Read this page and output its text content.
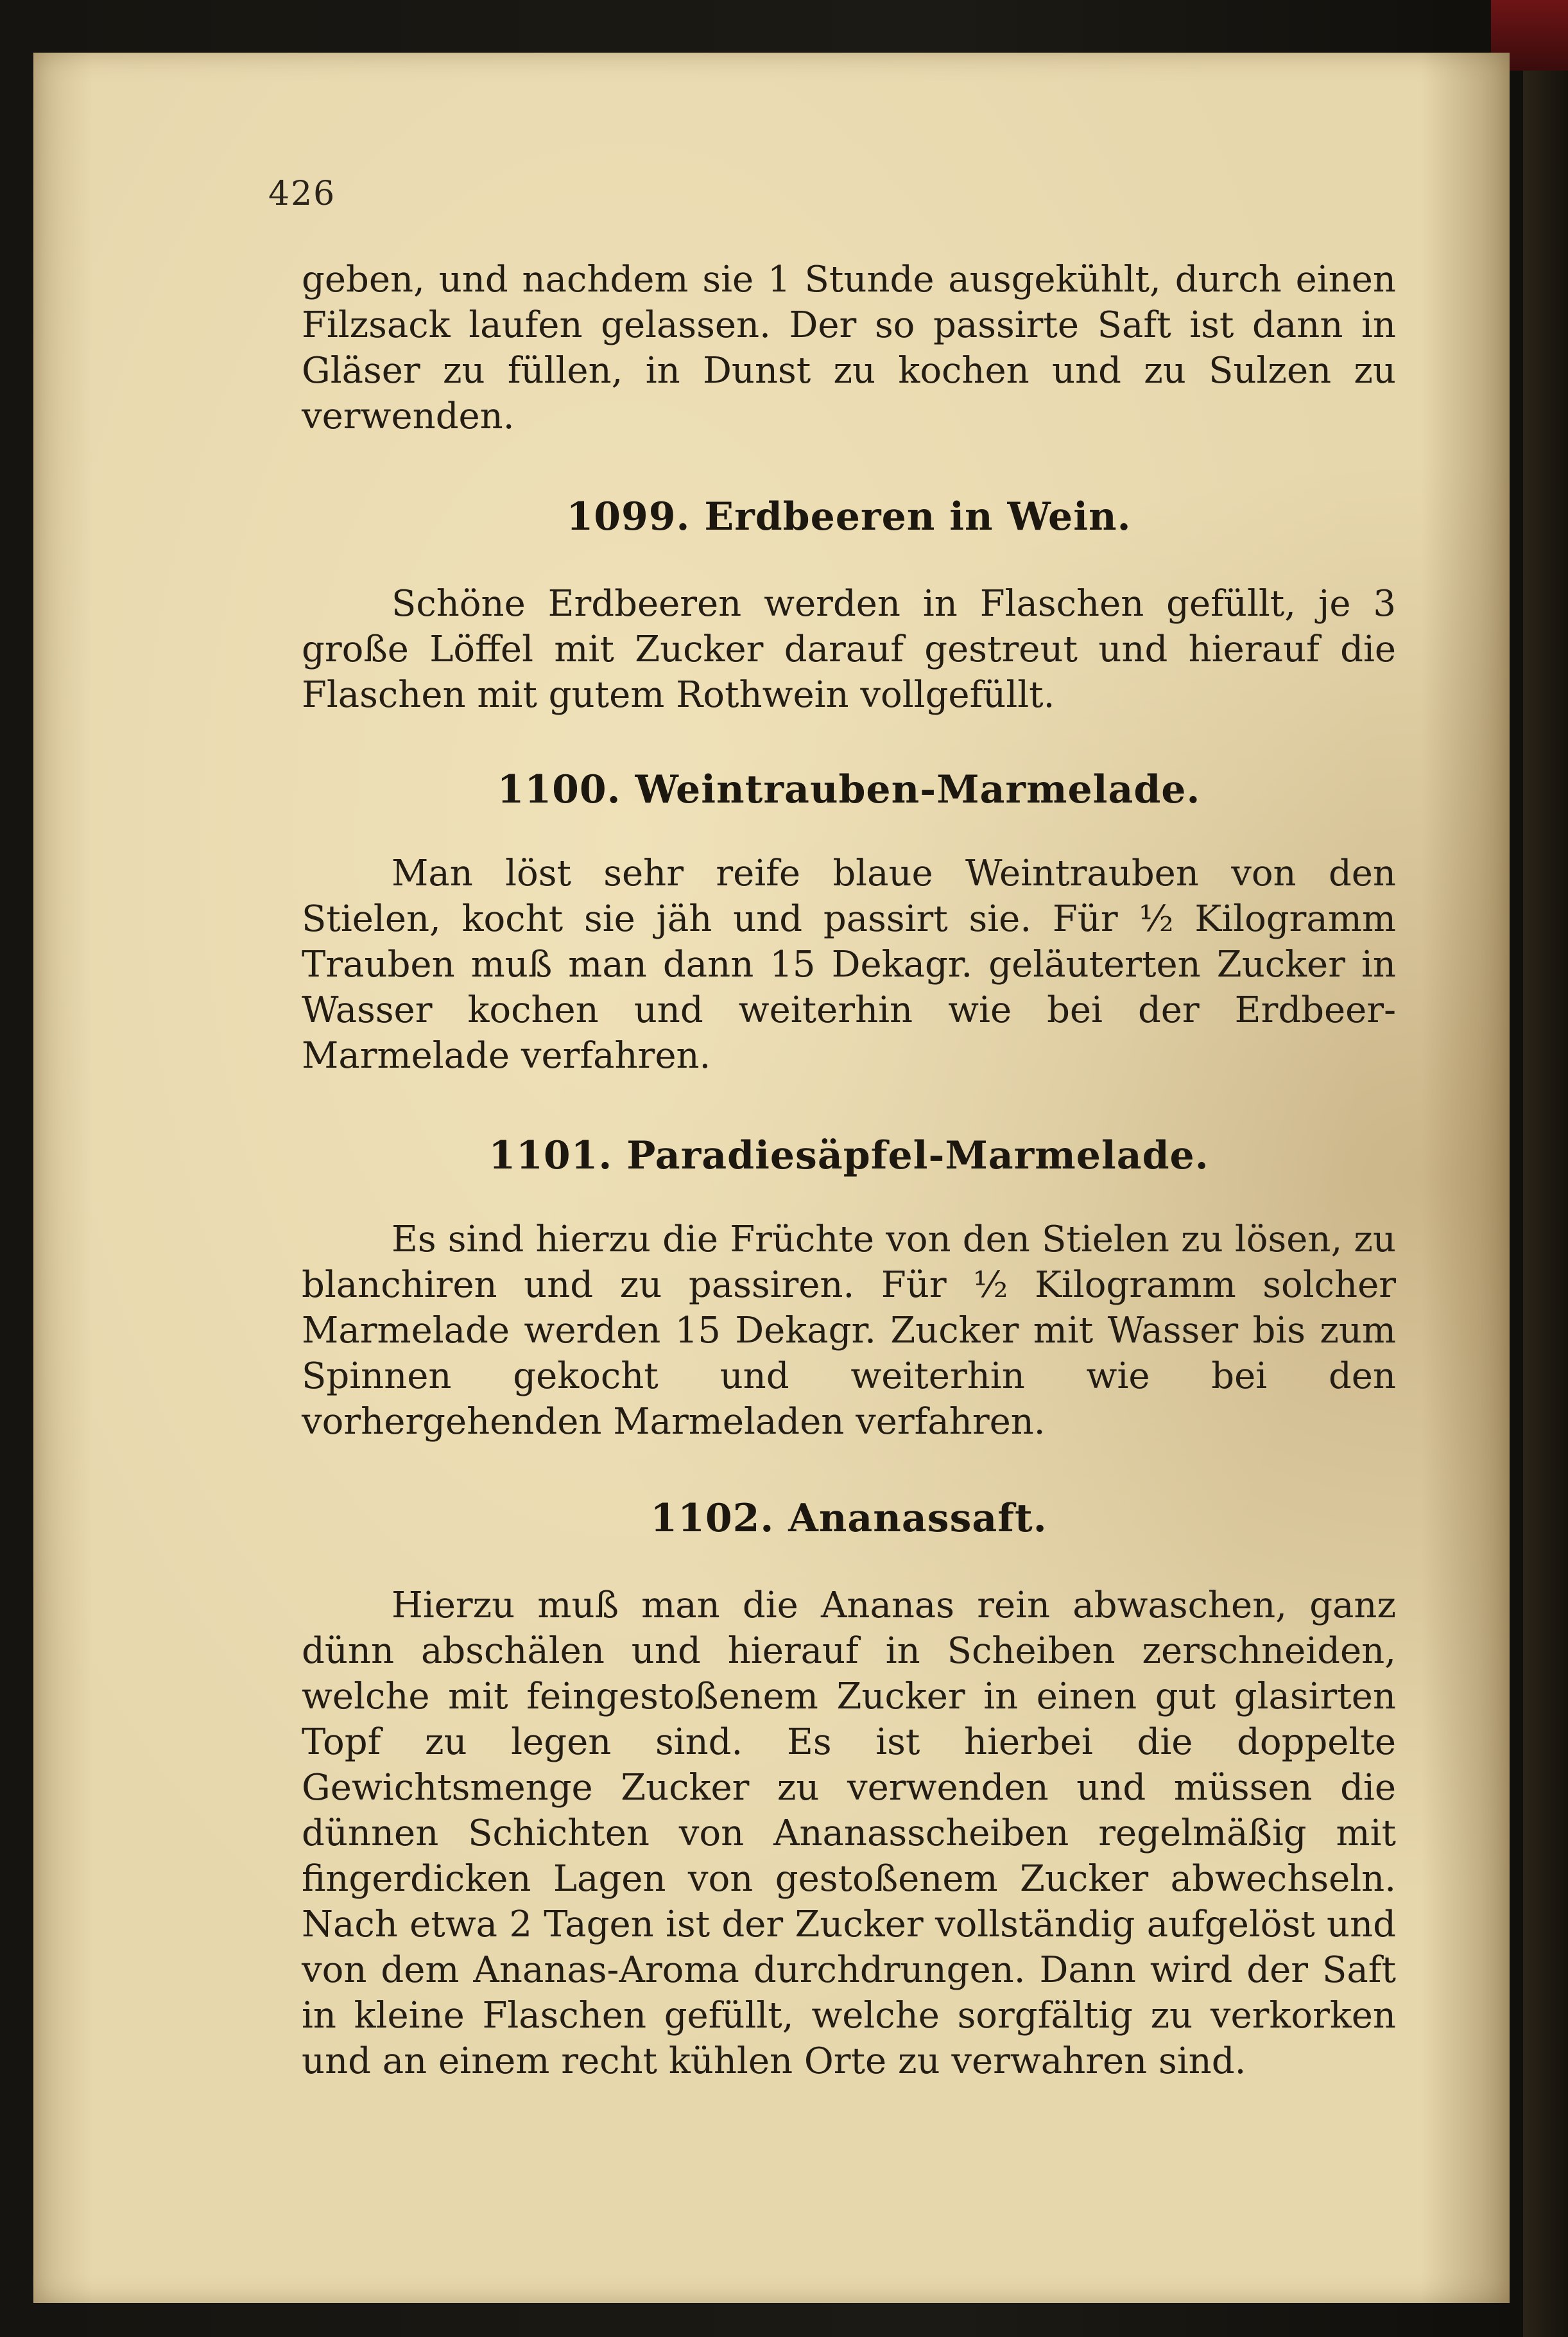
426

geben, und nachdem sie 1 Stunde ausgekühlt, durch einen Filzsack laufen gelassen. Der so passirte Saft ist dann in Gläser zu füllen, in Dunst zu kochen und zu Sulzen zu verwenden.

1099. Erdbeeren in Wein.

Schöne Erdbeeren werden in Flaschen gefüllt, je 3 große Löffel mit Zucker darauf gestreut und hierauf die Flaschen mit gutem Rothwein vollgefüllt.

1100. Weintrauben-Marmelade.

Man löst sehr reife blaue Weintrauben von den Stielen, kocht sie jäh und passirt sie. Für ½ Kilogramm Trauben muß man dann 15 Dekagr. geläuterten Zucker in Wasser kochen und weiterhin wie bei der Erdbeer-Marmelade verfahren.

1101. Paradiesäpfel-Marmelade.

Es sind hierzu die Früchte von den Stielen zu lösen, zu blanchiren und zu passiren. Für ½ Kilogramm solcher Marmelade werden 15 Dekagr. Zucker mit Wasser bis zum Spinnen gekocht und weiterhin wie bei den vorhergehenden Marmeladen verfahren.

1102. Ananassaft.

Hierzu muß man die Ananas rein abwaschen, ganz dünn abschälen und hierauf in Scheiben zerschneiden, welche mit feingestoßenem Zucker in einen gut glasirten Topf zu legen sind. Es ist hierbei die doppelte Gewichtsmenge Zucker zu verwenden und müssen die dünnen Schichten von Ananasscheiben regelmäßig mit fingerdicken Lagen von gestoßenem Zucker abwechseln. Nach etwa 2 Tagen ist der Zucker vollständig aufgelöst und von dem Ananas-Aroma durchdrungen. Dann wird der Saft in kleine Flaschen gefüllt, welche sorgfältig zu verkorken und an einem recht kühlen Orte zu verwahren sind.
